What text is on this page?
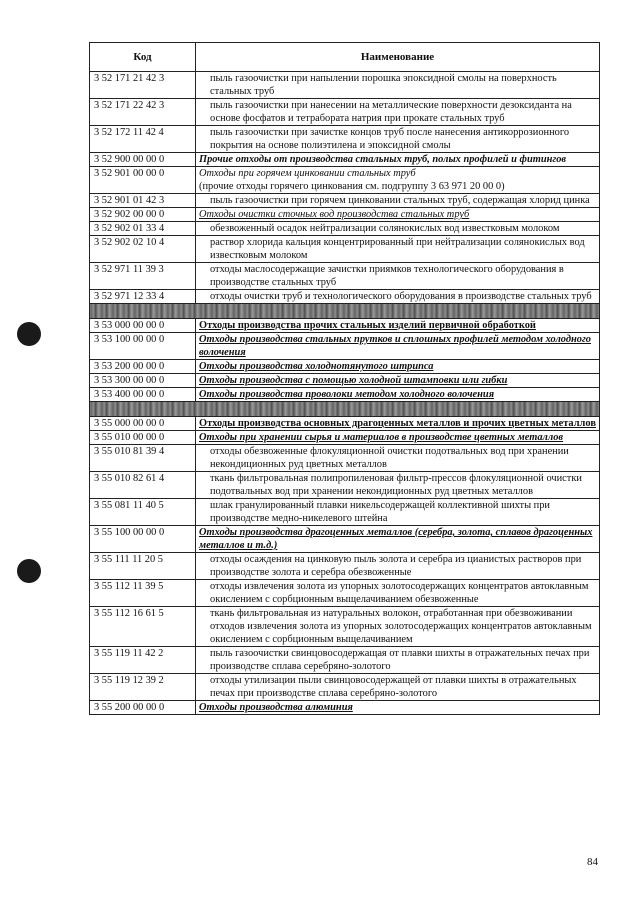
Код	Наименование
3 52 171 21 42 3	пыль газоочистки при напылении порошка эпоксидной смолы на поверхность стальных труб
3 52 171 22 42 3	пыль газоочистки при нанесении на металлические поверхности дезоксиданта на основе фосфатов и тетрабората натрия при прокате стальных труб
3 52 172 11 42 4	пыль газоочистки при зачистке концов труб после нанесения антикоррозионного покрытия на основе полиэтилена и эпоксидной смолы
3 52 900 00 00 0	Прочие отходы от производства стальных труб, полых профилей и фитингов
3 52 901 00 00 0	Отходы при горячем цинковании стальных труб
(прочие отходы горячего цинкования см. подгруппу 3 63 971 20 00 0)

3 52 901 01 42 3	пыль газоочистки при горячем цинковании стальных труб, содержащая хлорид цинка
3 52 902 00 00 0	Отходы очистки сточных вод производства стальных труб
3 52 902 01 33 4	обезвоженный осадок нейтрализации солянокислых вод известковым молоком
3 52 902 02 10 4	раствор хлорида кальция концентрированный при нейтрализации солянокислых вод известковым молоком
3 52 971 11 39 3	отходы маслосодержащие зачистки приямков технологического оборудования в производстве стальных труб
3 52 971 12 33 4	отходы очистки труб и технологического оборудования в производстве стальных труб

3 53 000 00 00 0	Отходы производства прочих стальных изделий первичной обработкой
3 53 100 00 00 0	Отходы производства стальных прутков и сплошных профилей методом холодного волочения
3 53 200 00 00 0	Отходы производства холоднотянутого штрипса
3 53 300 00 00 0	Отходы производства с помощью холодной штамповки или гибки
3 53 400 00 00 0	Отходы производства проволоки методом холодного волочения

3 55 000 00 00 0	Отходы производства основных драгоценных металлов и прочих цветных металлов
3 55 010 00 00 0	Отходы при хранении сырья и материалов в производстве цветных металлов
3 55 010 81 39 4	отходы обезвоженные флокуляционной очистки подотвальных вод при хранении некондиционных руд цветных металлов
3 55 010 82 61 4	ткань фильтровальная полипропиленовая фильтр-прессов флокуляционной очистки подотвальных вод при хранении некондиционных руд цветных металлов
3 55 081 11 40 5	шлак гранулированный плавки никельсодержащей коллективной шихты при производстве медно-никелевого штейна
3 55 100 00 00 0	Отходы производства драгоценных металлов (серебра, золота, сплавов драгоценных металлов и т.д.)
3 55 111 11 20 5	отходы осаждения на цинковую пыль золота и серебра из цианистых растворов при производстве золота и серебра обезвоженные
3 55 112 11 39 5	отходы извлечения золота из упорных золотосодержащих концентратов автоклавным окислением с сорбционным выщелачиванием обезвоженные
3 55 112 16 61 5	ткань фильтровальная из натуральных волокон, отработанная при обезвоживании отходов извлечения золота из упорных золотосодержащих концентратов автоклавным окислением с сорбционным выщелачиванием
3 55 119 11 42 2	пыль газоочистки свинцовосодержащая от плавки шихты в отражательных печах при производстве сплава серебряно-золотого
3 55 119 12 39 2	отходы утилизации пыли свинцовосодержащей от плавки шихты в отражательных печах при производстве сплава серебряно-золотого
3 55 200 00 00 0	Отходы производства алюминия
84
